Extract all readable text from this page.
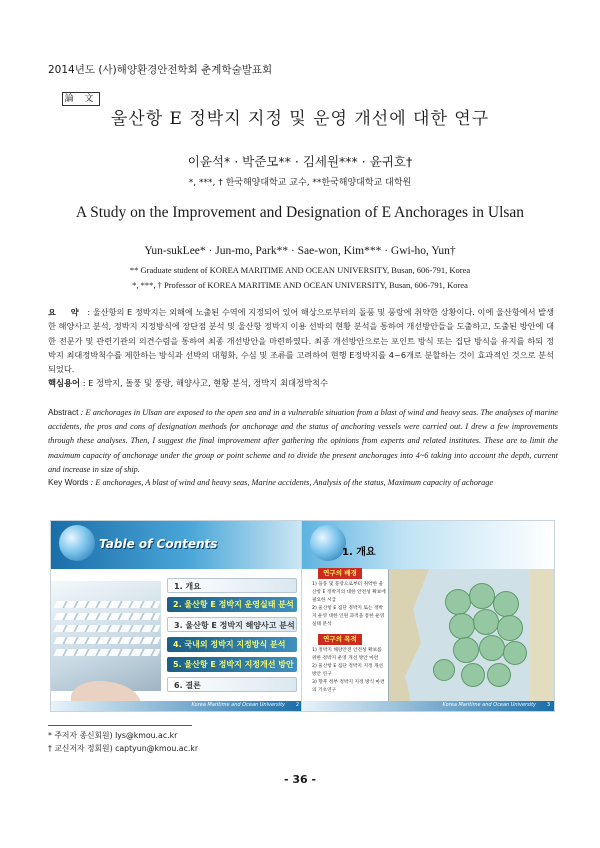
2014년도 (사)해양환경안전학회 춘계학술발표회
論 文
울산항 E 정박지 지정 및 운영 개선에 대한 연구
이윤석* · 박준모** · 김세원*** · 윤귀호†
*, ***, † 한국해양대학교 교수, **한국해양대학교 대학원
A Study on the Improvement and Designation of E Anchorages in Ulsan
Yun-sukLee* · Jun-mo, Park** · Sae-won, Kim*** · Gwi-ho, Yun†
** Graduate student of KOREA MARITIME AND OCEAN UNIVERSITY, Busan, 606-791, Korea
*, ***, † Professor of KOREA MARITIME AND OCEAN UNIVERSITY, Busan, 606-791, Korea
요 약 : 울산항의 E 정박지는 외해에 노출된 수역에 지정되어 있어 해상으로부터의 돌풍 및 풍랑에 취약한 상황이다. 이에 울산항에서 발생한 해양사고 분석, 정박지 지정방식에 장단점 분석 및 울산항 정박지 이용 선박의 현황 분석을 통하여 개선방안들을 도출하고, 도출된 방안에 대한 전문가 및 관련기관의 의견수렴을 통하여 최종 개선방안을 마련하였다. 최종 개선방안으로는 포인트 방식 또는 집단 방식을 유지를 하되 정박지 최대정박척수를 제한하는 방식과 선박의 대형화, 수심 및 조류를 고려하여 현행 E정박지를 4~6개로 분할하는 것이 효과적인 것으로 분석되었다.
핵심용어 : E 정박지, 돌풍 및 풍랑, 해양사고, 현황 분석, 정박지 최대정박척수
Abstract : E anchorages in Ulsan are exposed to the open sea and in a vulnerable situation from a blast of wind and heavy seas. The analyses of marine accidents, the pros and cons of designation methods for anchorage and the status of anchoring vessels were carried out. I drew a few improvements through these analyses. Then, I suggest the final improvement after gathering the opinions from experts and related institutes. These are to limit the maximum capacity of anchorage under the group or point scheme and to divide the present anchorages into 4~6 taking into account the depth, current and increase in size of ship.
Key Words : E anchorages, A blast of wind and heavy seas, Marine accidents, Analysis of the status, Maximum capacity of achorage
Table of Contents
1. 개요
2. 울산항 E 정박지 운영실태 분석
3. 울산항 E 정박지 해양사고 분석
4. 국내외 정박지 지정방식 분석
5. 울산항 E 정박지 지정개선 방안
6. 결론
Korea Maritime and Ocean University 2
1. 개요
연구의 배경
1) 돌풍 및 풍랑으로부터 취약한 울산항 E 정박지의 대한 안전성 확보에 필요한 시급
2) 울산항 E 집단 정박지 또는 정박지 운영 대한 인원 과적을 통한 운영실태 분석
연구의 목적
1) 정박지 해양안전 안전성 확보를 위한 정박지 운영 개선 방안 마련
2) 울산항 E 집단 정박지 지정 개선방안 연구
3) 향후 정부 정박지 지정 방식 마련의 기초연구
Korea Maritime and Ocean University 3
* 주저자 종신회원) lys@kmou.ac.kr
† 교신저자 정회원) captyun@kmou.ac.kr
- 36 -
